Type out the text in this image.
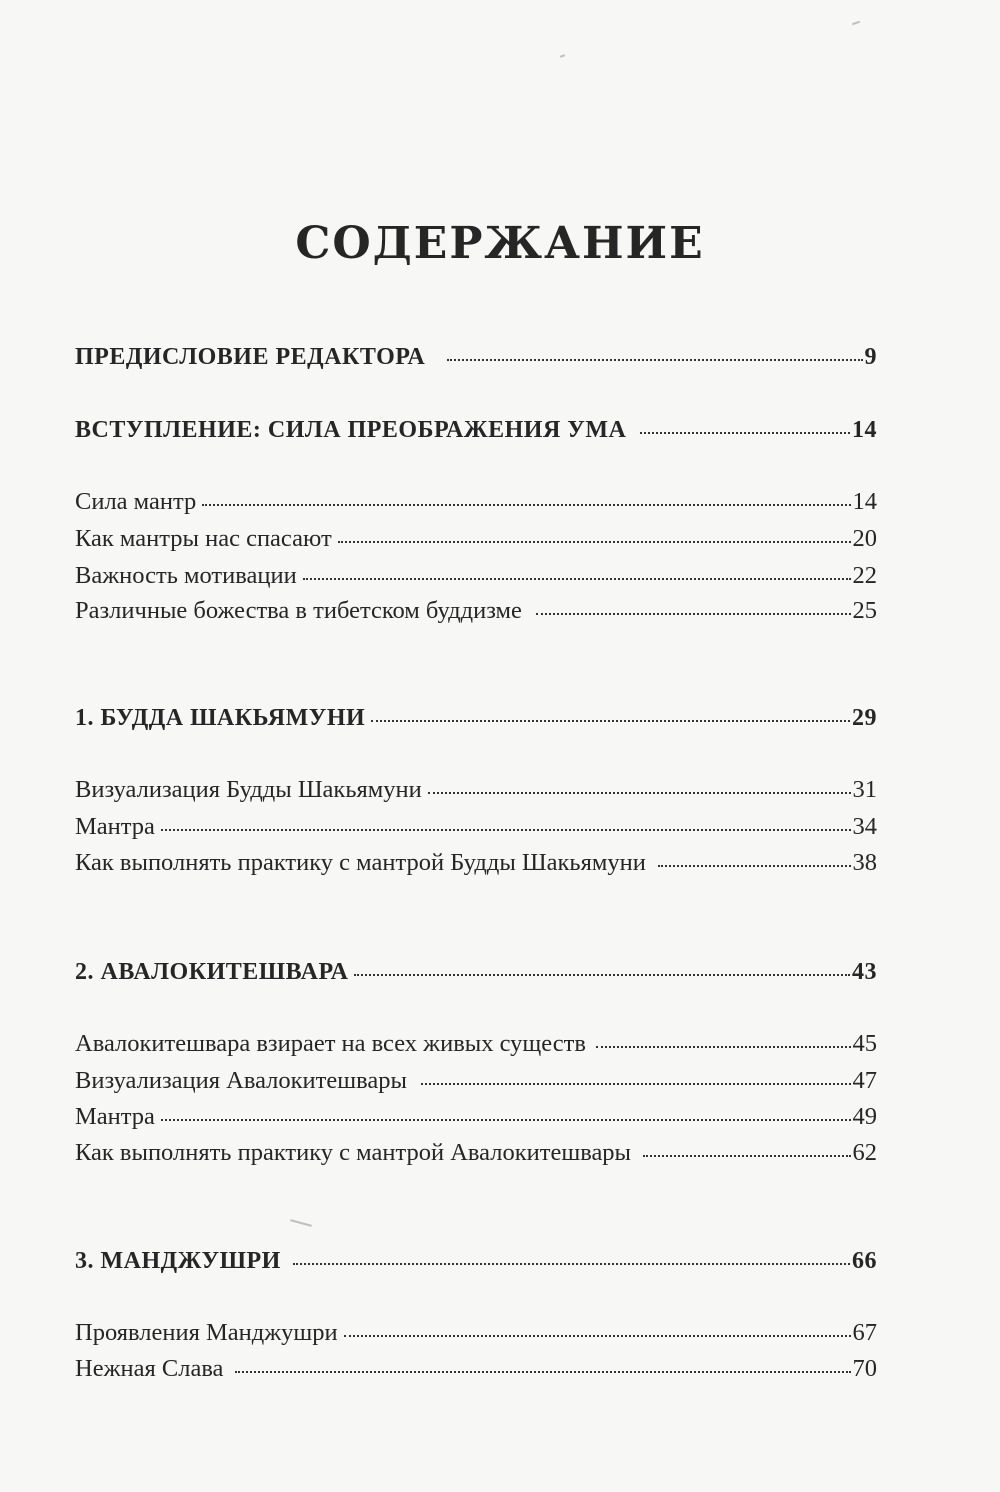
СОДЕРЖАНИЕ
ПРЕДИСЛОВИЕ РЕДАКТОРА	9
ВСТУПЛЕНИЕ: СИЛА ПРЕОБРАЖЕНИЯ УМА	14
Сила мантр	14
Как мантры нас спасают	20
Важность мотивации	22
Различные божества в тибетском буддизме	25
1. БУДДА ШАКЬЯМУНИ	29
Визуализация Будды Шакьямуни	31
Мантра	34
Как выполнять практику с мантрой Будды Шакьямуни	38
2. АВАЛОКИТЕШВАРА	43
Авалокитешвара взирает на всех живых существ	45
Визуализация Авалокитешвары	47
Мантра	49
Как выполнять практику с мантрой Авалокитешвары	62
3. МАНДЖУШРИ	66
Проявления Манджушри	67
Нежная Слава	70
